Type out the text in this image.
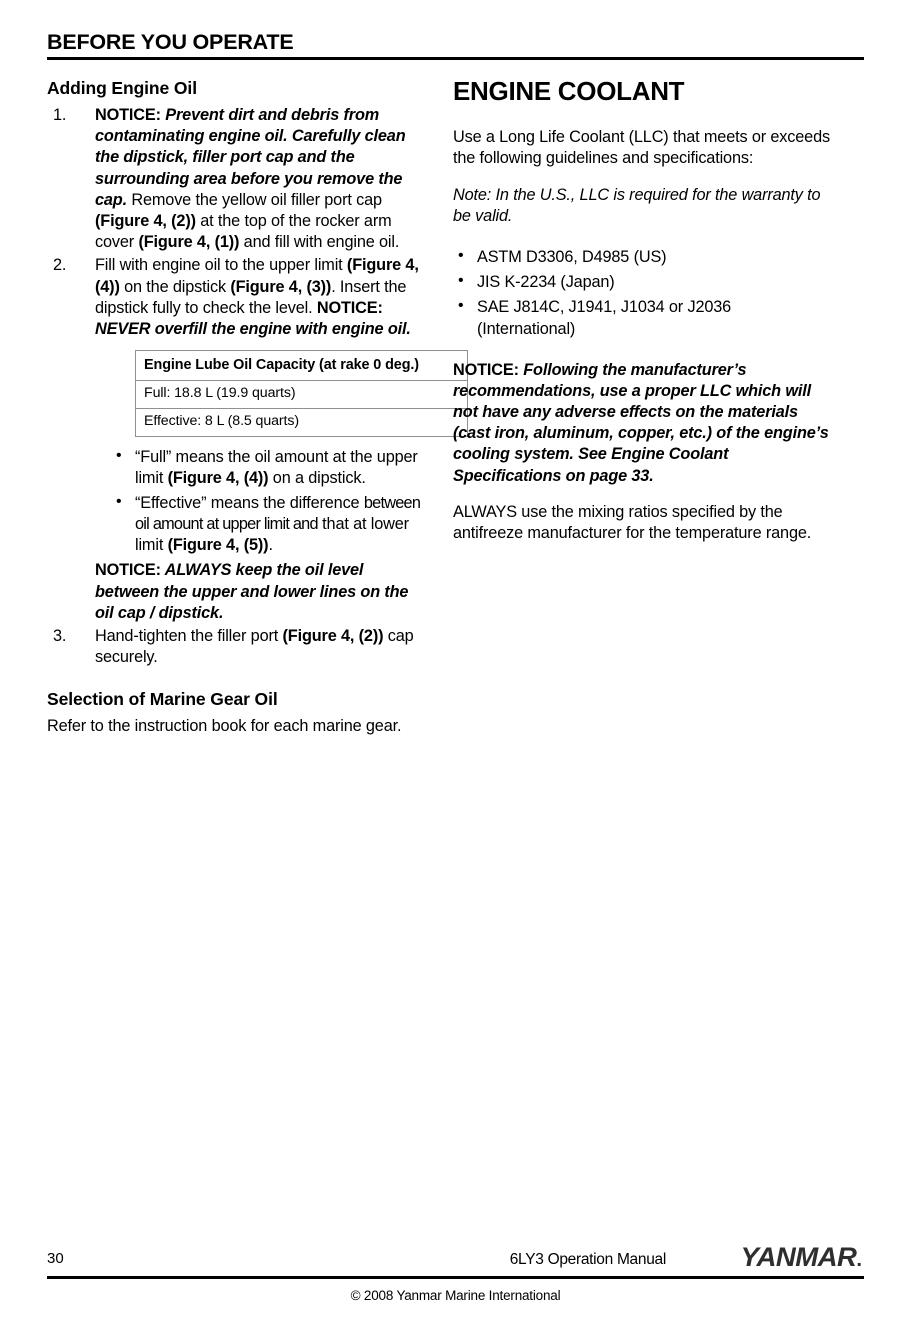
BEFORE YOU OPERATE
Adding Engine Oil
1. NOTICE: Prevent dirt and debris from contaminating engine oil. Carefully clean the dipstick, filler port cap and the surrounding area before you remove the cap. Remove the yellow oil filler port cap (Figure 4, (2)) at the top of the rocker arm cover (Figure 4, (1)) and fill with engine oil.
2. Fill with engine oil to the upper limit (Figure 4, (4)) on the dipstick (Figure 4, (3)). Insert the dipstick fully to check the level. NOTICE: NEVER overfill the engine with engine oil.
Engine Lube Oil Capacity (at rake 0 deg.)
Full: 18.8 L (19.9 quarts)
Effective: 8 L (8.5 quarts)
• “Full” means the oil amount at the upper limit (Figure 4, (4)) on a dipstick.
• “Effective” means the difference between oil amount at upper limit and that at lower limit (Figure 4, (5)).
NOTICE: ALWAYS keep the oil level between the upper and lower lines on the oil cap / dipstick.
3. Hand-tighten the filler port (Figure 4, (2)) cap securely.
Selection of Marine Gear Oil

Refer to the instruction book for each marine gear.

ENGINE COOLANT

Use a Long Life Coolant (LLC) that meets or exceeds the following guidelines and specifications:

Note: In the U.S., LLC is required for the warranty to be valid.

• ASTM D3306, D4985 (US)
• JIS K-2234 (Japan)
• SAE J814C, J1941, J1034 or J2036 (International)
NOTICE: Following the manufacturer’s recommendations, use a proper LLC which will not have any adverse effects on the materials (cast iron, aluminum, copper, etc.) of the engine’s cooling system. See Engine Coolant Specifications on page 33.

ALWAYS use the mixing ratios specified by the antifreeze manufacturer for the temperature range.

30	6LY3 Operation Manual	YANMAR.
© 2008 Yanmar Marine International
